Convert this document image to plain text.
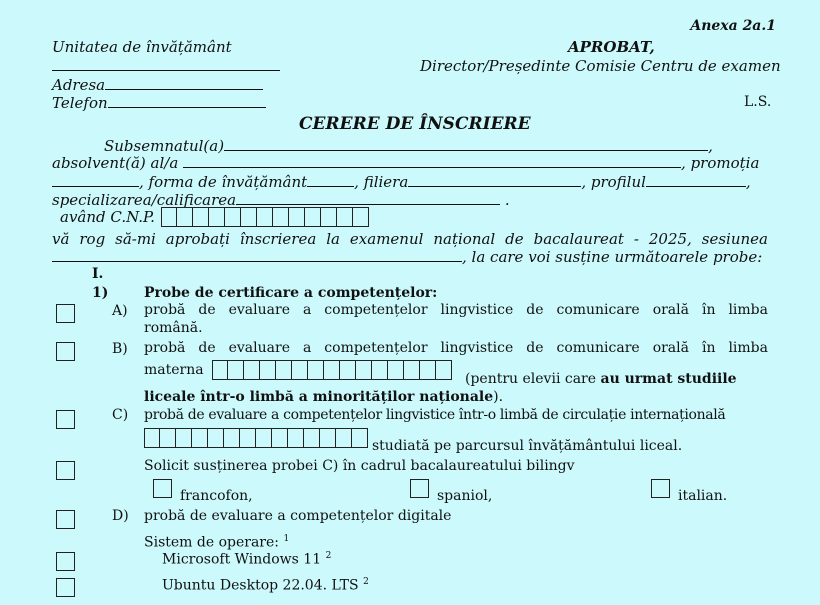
Anexa 2a.1
Unitatea de învățământ
Adresa
Telefon
APROBAT,
Director/Președinte Comisie Centru de examen
L.S.
CERERE DE ÎNSCRIERE
Subsemnatul(a)	,
absolvent(ă) al/a	, promoția
, forma de învățământ	, filiera	, profilul	,
specializarea/calificarea	.
având C.N.P.
vă rog să-mi aprobați înscrierea la examenul național de bacalaureat - 2025, sesiunea
, la care voi susține următoarele probe:
I.
1)	Probe de certificare a competențelor:
A) probă de evaluare a competențelor lingvistice de comunicare orală în limba
română.
B) probă de evaluare a competențelor lingvistice de comunicare orală în limba
materna
(pentru elevii care au urmat studiile
liceale într-o limbă a minorităților naționale).
C) probă de evaluare a competențelor lingvistice într-o limbă de circulație internațională
studiată pe parcursul învățământului liceal.
Solicit susținerea probei C) în cadrul bacalaureatului bilingv
francofon,	spaniol,	italian.
D) probă de evaluare a competențelor digitale
Sistem de operare: $^1$
Microsoft Windows 11 $^2$
Ubuntu Desktop 22.04. LTS $^2$
